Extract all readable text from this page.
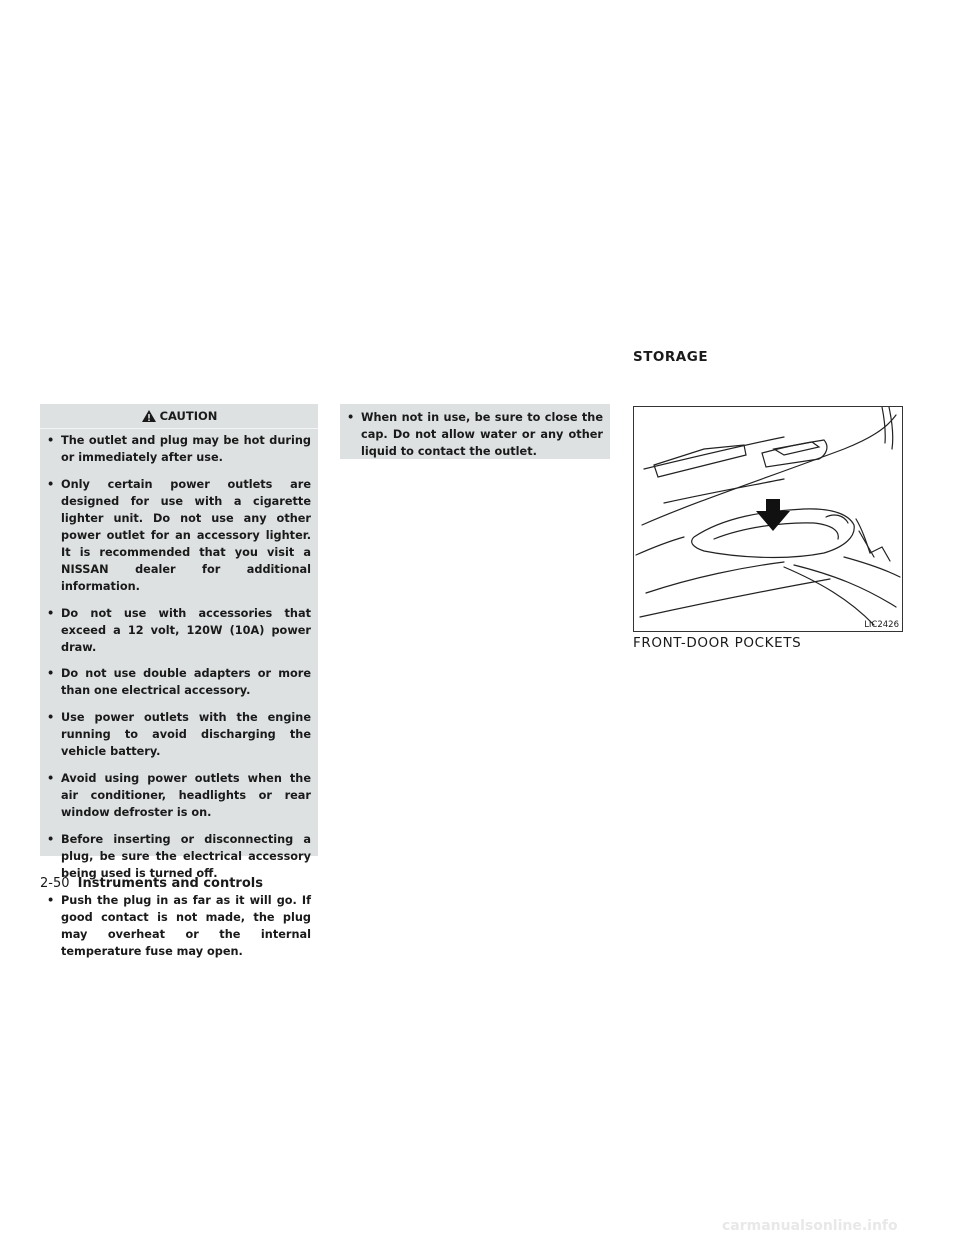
CAUTION
• The outlet and plug may be hot during or immediately after use.
• Only certain power outlets are designed for use with a cigarette lighter unit. Do not use any other power outlet for an accessory lighter. It is recommended that you visit a NISSAN dealer for additional information.
• Do not use with accessories that exceed a 12 volt, 120W (10A) power draw.
• Do not use double adapters or more than one electrical accessory.
• Use power outlets with the engine running to avoid discharging the vehicle battery.
• Avoid using power outlets when the air conditioner, headlights or rear window defroster is on.
• Before inserting or disconnecting a plug, be sure the electrical accessory being used is turned off.
• Push the plug in as far as it will go. If good contact is not made, the plug may overheat or the internal temperature fuse may open.
• When not in use, be sure to close the cap. Do not allow water or any other liquid to contact the outlet.
STORAGE
LIC2426
FRONT-DOOR POCKETS
2-50 Instruments and controls
carmanualsonline.info
